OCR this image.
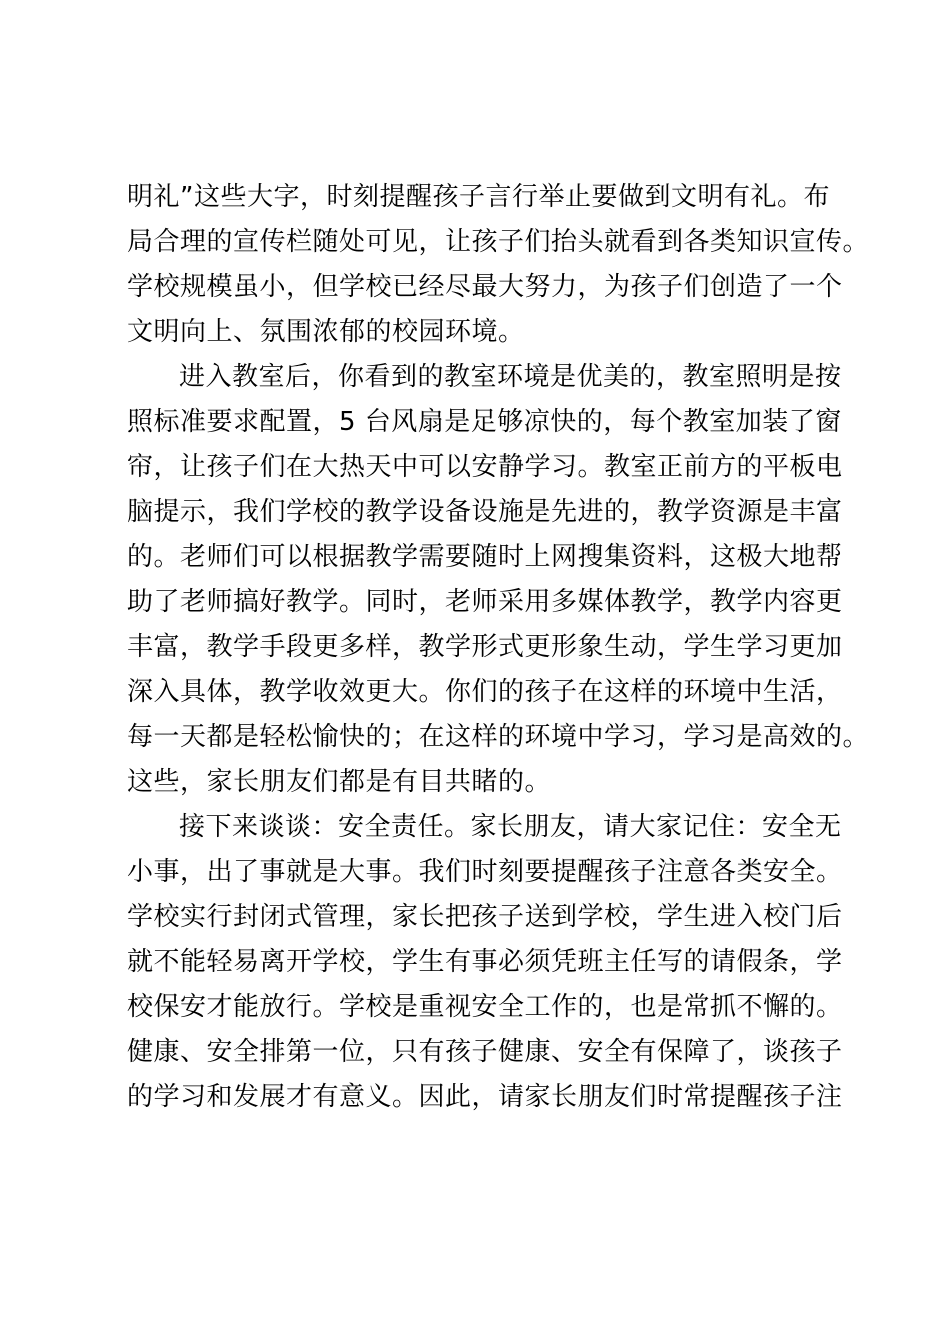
明礼”这些大字，时刻提醒孩子言行举止要做到文明有礼。布
局合理的宣传栏随处可见，让孩子们抬头就看到各类知识宣传。
学校规模虽小，但学校已经尽最大努力，为孩子们创造了一个
文明向上、氛围浓郁的校园环境。
进入教室后，你看到的教室环境是优美的，教室照明是按
照标准要求配置，5 台风扇是足够凉快的，每个教室加装了窗
帘，让孩子们在大热天中可以安静学习。教室正前方的平板电
脑提示，我们学校的教学设备设施是先进的，教学资源是丰富
的。老师们可以根据教学需要随时上网搜集资料，这极大地帮
助了老师搞好教学。同时，老师采用多媒体教学，教学内容更
丰富，教学手段更多样，教学形式更形象生动，学生学习更加
深入具体，教学收效更大。你们的孩子在这样的环境中生活，
每一天都是轻松愉快的；在这样的环境中学习，学习是高效的。
这些，家长朋友们都是有目共睹的。
接下来谈谈：安全责任。家长朋友，请大家记住：安全无
小事，出了事就是大事。我们时刻要提醒孩子注意各类安全。
学校实行封闭式管理，家长把孩子送到学校，学生进入校门后
就不能轻易离开学校，学生有事必须凭班主任写的请假条，学
校保安才能放行。学校是重视安全工作的，也是常抓不懈的。
健康、安全排第一位，只有孩子健康、安全有保障了，谈孩子
的学习和发展才有意义。因此，请家长朋友们时常提醒孩子注
